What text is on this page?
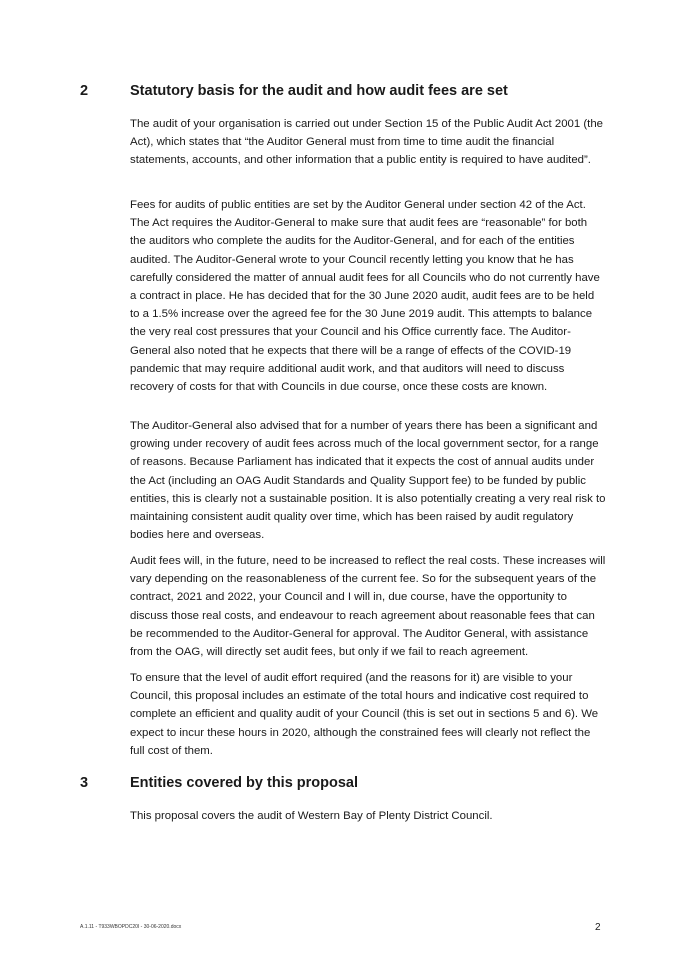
2	Statutory basis for the audit and how audit fees are set

The audit of your organisation is carried out under Section 15 of the Public Audit Act 2001 (the Act), which states that “the Auditor General must from time to time audit the financial statements, accounts, and other information that a public entity is required to have audited”.

Fees for audits of public entities are set by the Auditor General under section 42 of the Act. The Act requires the Auditor-General to make sure that audit fees are “reasonable” for both the auditors who complete the audits for the Auditor-General, and for each of the entities audited. The Auditor-General wrote to your Council recently letting you know that he has carefully considered the matter of annual audit fees for all Councils who do not currently have a contract in place. He has decided that for the 30 June 2020 audit, audit fees are to be held to a 1.5% increase over the agreed fee for the 30 June 2019 audit. This attempts to balance the very real cost pressures that your Council and his Office currently face. The Auditor-General also noted that he expects that there will be a range of effects of the COVID-19 pandemic that may require additional audit work, and that auditors will need to discuss recovery of costs for that with Councils in due course, once these costs are known.

The Auditor-General also advised that for a number of years there has been a significant and growing under recovery of audit fees across much of the local government sector, for a range of reasons. Because Parliament has indicated that it expects the cost of annual audits under the Act (including an OAG Audit Standards and Quality Support fee) to be funded by public entities, this is clearly not a sustainable position. It is also potentially creating a very real risk to maintaining consistent audit quality over time, which has been raised by audit regulatory bodies here and overseas.

Audit fees will, in the future, need to be increased to reflect the real costs. These increases will vary depending on the reasonableness of the current fee. So for the subsequent years of the contract, 2021 and 2022, your Council and I will in, due course, have the opportunity to discuss those real costs, and endeavour to reach agreement about reasonable fees that can be recommended to the Auditor-General for approval. The Auditor General, with assistance from the OAG, will directly set audit fees, but only if we fail to reach agreement.

To ensure that the level of audit effort required (and the reasons for it) are visible to your Council, this proposal includes an estimate of the total hours and indicative cost required to complete an efficient and quality audit of your Council (this is set out in sections 5 and 6). We expect to incur these hours in 2020, although the constrained fees will clearly not reflect the full cost of them.

3	Entities covered by this proposal

This proposal covers the audit of Western Bay of Plenty District Council.

A.1.11 - T933WBOPDC20I - 30-06-2020.docx	2
